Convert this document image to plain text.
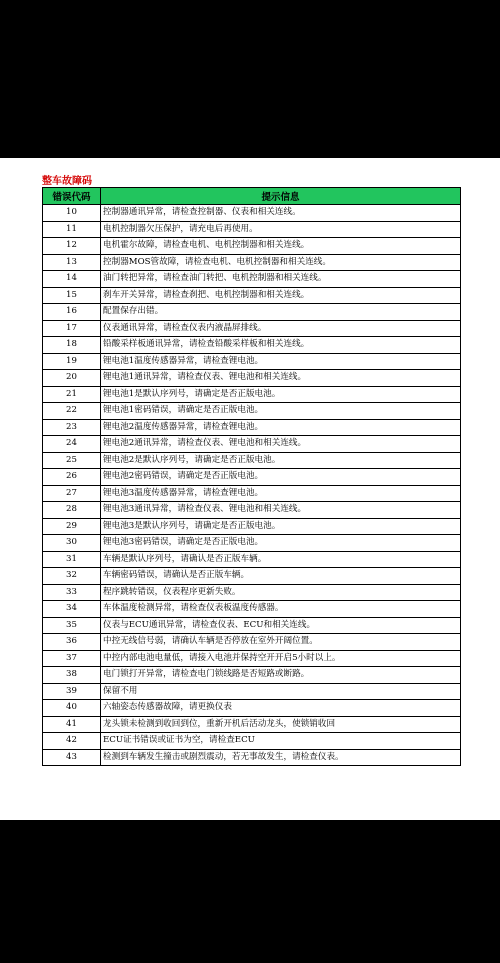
整车故障码
错误代码	提示信息
10	控制器通讯异常，请检查控制器、仪表和相关连线。
11	电机控制器欠压保护，请充电后再使用。
12	电机霍尔故障，请检查电机、电机控制器和相关连线。
13	控制器MOS管故障，请检查电机、电机控制器和相关连线。
14	油门转把异常，请检查油门转把、电机控制器和相关连线。
15	刹车开关异常，请检查刹把、电机控制器和相关连线。
16	配置保存出错。
17	仪表通讯异常，请检查仪表内液晶屏排线。
18	铅酸采样板通讯异常，请检查铅酸采样板和相关连线。
19	锂电池1温度传感器异常，请检查锂电池。
20	锂电池1通讯异常，请检查仪表、锂电池和相关连线。
21	锂电池1是默认序列号，请确定是否正版电池。
22	锂电池1密码错误，请确定是否正版电池。
23	锂电池2温度传感器异常，请检查锂电池。
24	锂电池2通讯异常，请检查仪表、锂电池和相关连线。
25	锂电池2是默认序列号，请确定是否正版电池。
26	锂电池2密码错误，请确定是否正版电池。
27	锂电池3温度传感器异常，请检查锂电池。
28	锂电池3通讯异常，请检查仪表、锂电池和相关连线。
29	锂电池3是默认序列号，请确定是否正版电池。
30	锂电池3密码错误，请确定是否正版电池。
31	车辆是默认序列号，请确认是否正版车辆。
32	车辆密码错误，请确认是否正版车辆。
33	程序跳转错误，仪表程序更新失败。
34	车体温度检测异常，请检查仪表板温度传感器。
35	仪表与ECU通讯异常，请检查仪表、ECU和相关连线。
36	中控无线信号弱，请确认车辆是否停放在室外开阔位置。
37	中控内部电池电量低，请接入电池并保持空开开启5小时以上。
38	电门锁打开异常，请检查电门锁线路是否短路或断路。
39	保留不用
40	六轴姿态传感器故障，请更换仪表
41	龙头锁未检测到收回到位，重新开机后活动龙头，使锁销收回
42	ECU证书错误或证书为空，请检查ECU
43	检测到车辆发生撞击或剧烈震动，若无事故发生，请检查仪表。
